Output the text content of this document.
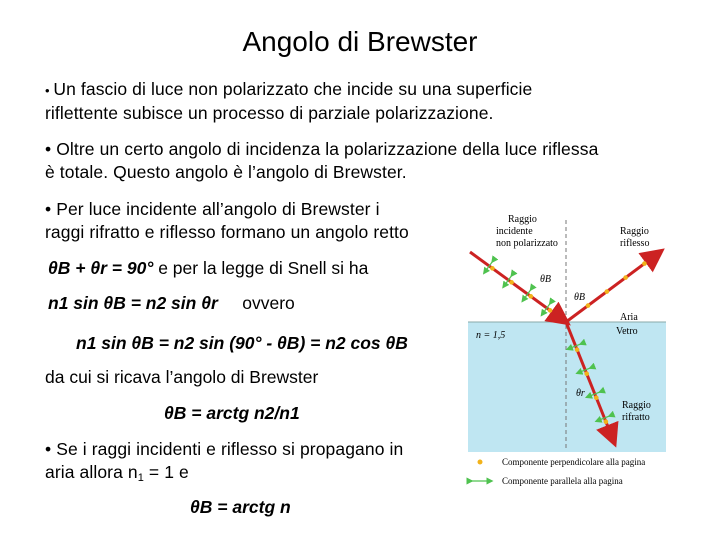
Angolo di Brewster
• Un fascio di luce non polarizzato che incide su una superficie
riflettente subisce un processo di parziale polarizzazione.
• Oltre un certo angolo di incidenza la polarizzazione della luce riflessa
è totale. Questo angolo è l’angolo di Brewster.
• Per luce incidente all’angolo di Brewster i
raggi rifratto e riflesso formano un angolo retto
θB + θr = 90° e per la legge di Snell si ha
n1 sin θB = n2 sin θr ovvero
n1 sin θB = n2 sin (90° - θB) = n2 cos θB
da cui si ricava l’angolo di Brewster
θB = arctg n2/n1
• Se i raggi incidenti e riflesso si propagano in
aria allora $n_1 = 1$ e
θB = arctg n
Raggio
incidente
non polarizzato
Raggio
riflesso
θB
θB
Aria
Vetro
n = 1,5
θr
Raggio
rifratto
Componente perpendicolare alla pagina
Componente parallela alla pagina
